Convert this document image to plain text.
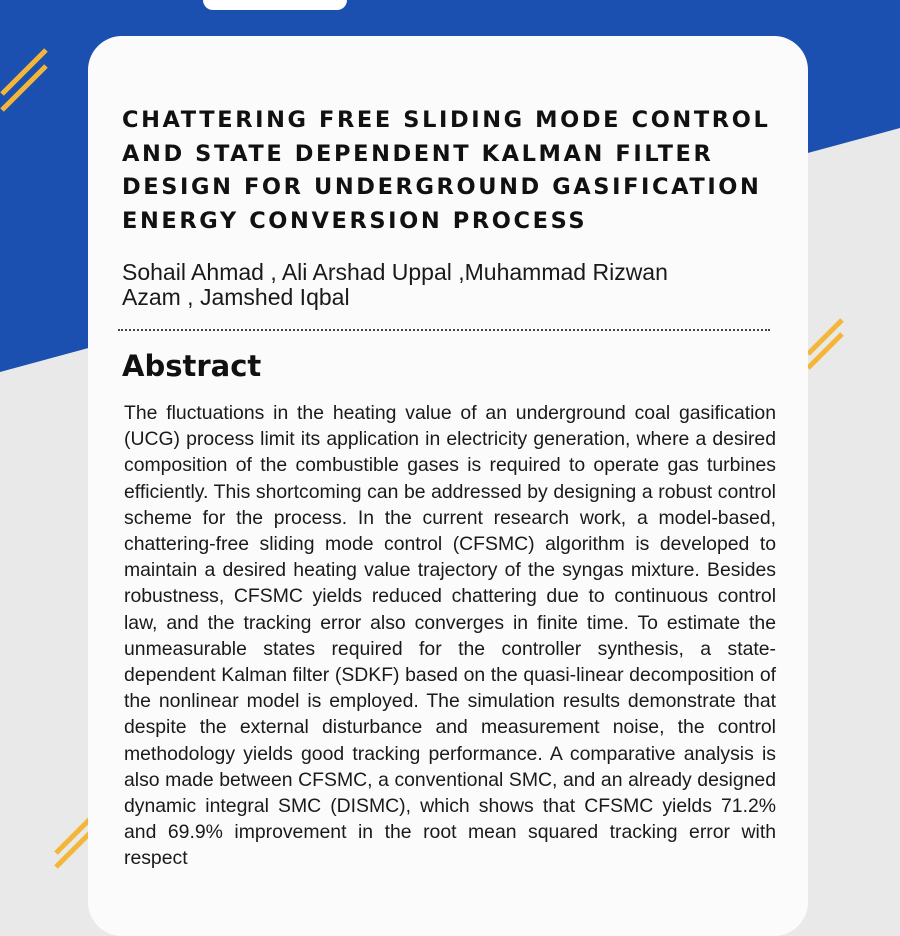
CHATTERING FREE SLIDING MODE CONTROL AND STATE DEPENDENT KALMAN FILTER DESIGN FOR UNDERGROUND GASIFICATION ENERGY CONVERSION PROCESS

Sohail Ahmad , Ali Arshad Uppal ,Muhammad Rizwan Azam , Jamshed Iqbal

Abstract

The fluctuations in the heating value of an underground coal gasification (UCG) process limit its application in electricity generation, where a desired composition of the combustible gases is required to operate gas turbines efficiently. This shortcoming can be addressed by designing a robust control scheme for the process. In the current research work, a model-based, chattering-free sliding mode control (CFSMC) algorithm is developed to maintain a desired heating value trajectory of the syngas mixture. Besides robustness, CFSMC yields reduced chattering due to continuous control law, and the tracking error also converges in finite time. To estimate the unmeasurable states required for the controller synthesis, a state-dependent Kalman filter (SDKF) based on the quasi-linear decomposition of the nonlinear model is employed. The simulation results demonstrate that despite the external disturbance and measurement noise, the control methodology yields good tracking performance. A comparative analysis is also made between CFSMC, a conventional SMC, and an already designed dynamic integral SMC (DISMC), which shows that CFSMC yields 71.2% and 69.9% improvement in the root mean squared tracking error with respect
